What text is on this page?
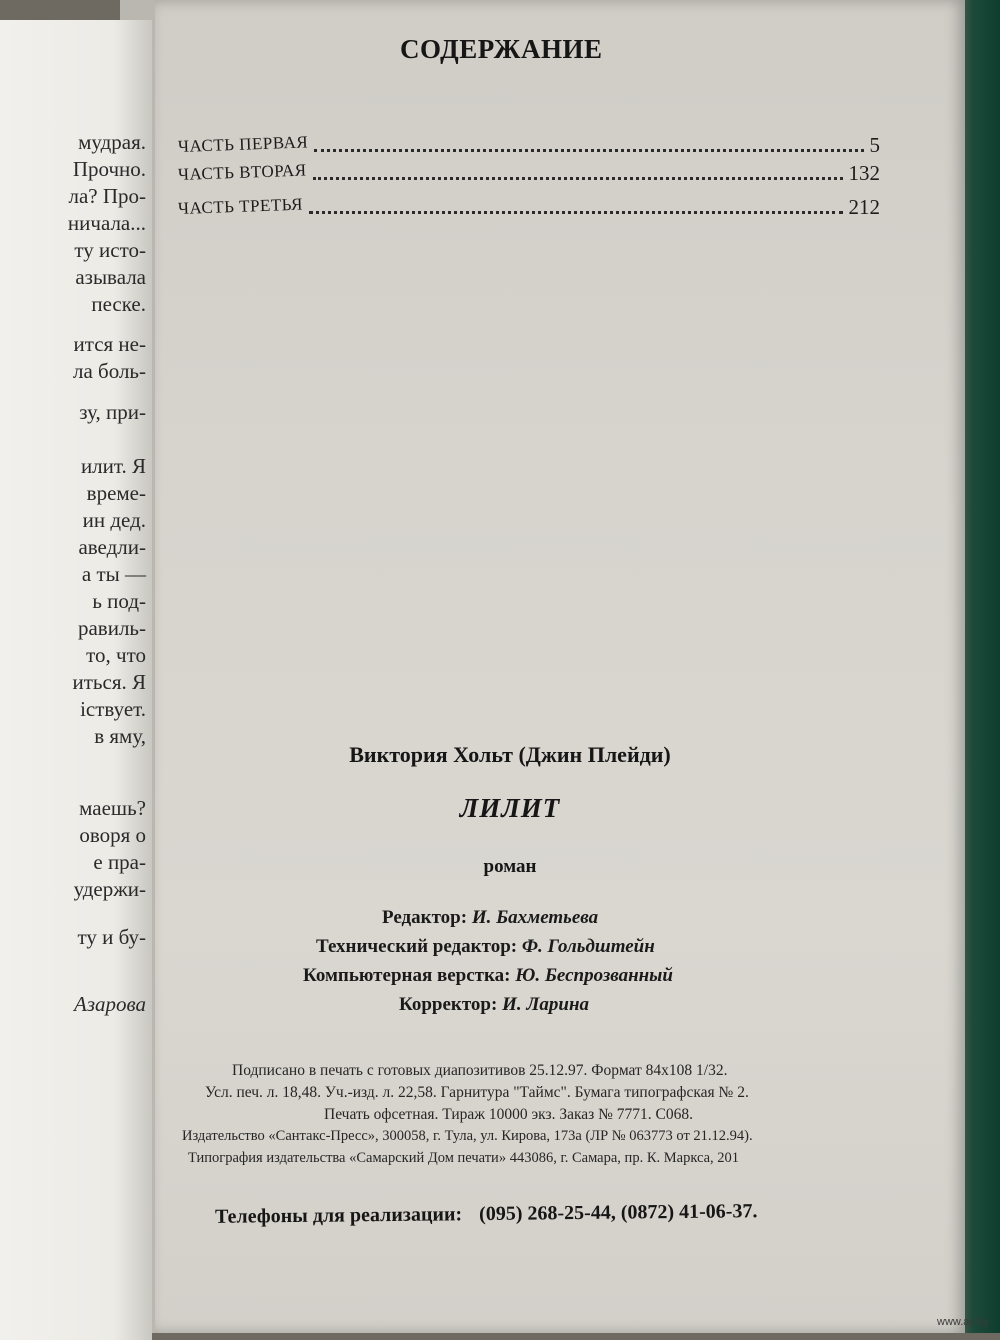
мудрая.
Прочно.
ла? Про-
ничала...
ту исто-
азывала
песке.
ится не-
ла боль-
зу, при-
илит. Я
време-
ин дед.
аведли-
а ты —
ь под-
равиль-
то, что
иться. Я
іствует.
в яму,
маешь?
оворя о
е пра-
удержи-
ту и бу-
Азарова
СОДЕРЖАНИЕ
ЧАСТЬ ПЕРВАЯ	5
ЧАСТЬ ВТОРАЯ	132
ЧАСТЬ ТРЕТЬЯ	212
Виктория Хольт (Джин Плейди)
ЛИЛИТ
роман
Редактор: И. Бахметьева
Технический редактор: Ф. Гольдштейн
Компьютерная верстка: Ю. Беспрозванный
Корректор: И. Ларина
Подписано в печать с готовых диапозитивов 25.12.97. Формат 84х108 1/32.
Усл. печ. л. 18,48. Уч.-изд. л. 22,58. Гарнитура "Таймс". Бумага типографская № 2.
Печать офсетная. Тираж 10000 экз. Заказ № 7771. С068.
Издательство «Сантакс-Пресс», 300058, г. Тула, ул. Кирова, 173а (ЛР № 063773 от 21.12.94).
Типография издательства «Самарский Дом печати» 443086, г. Самара, пр. К. Маркса, 201
Телефоны для реализации: (095) 268-25-44, (0872) 41-06-37.
www.ay.by
